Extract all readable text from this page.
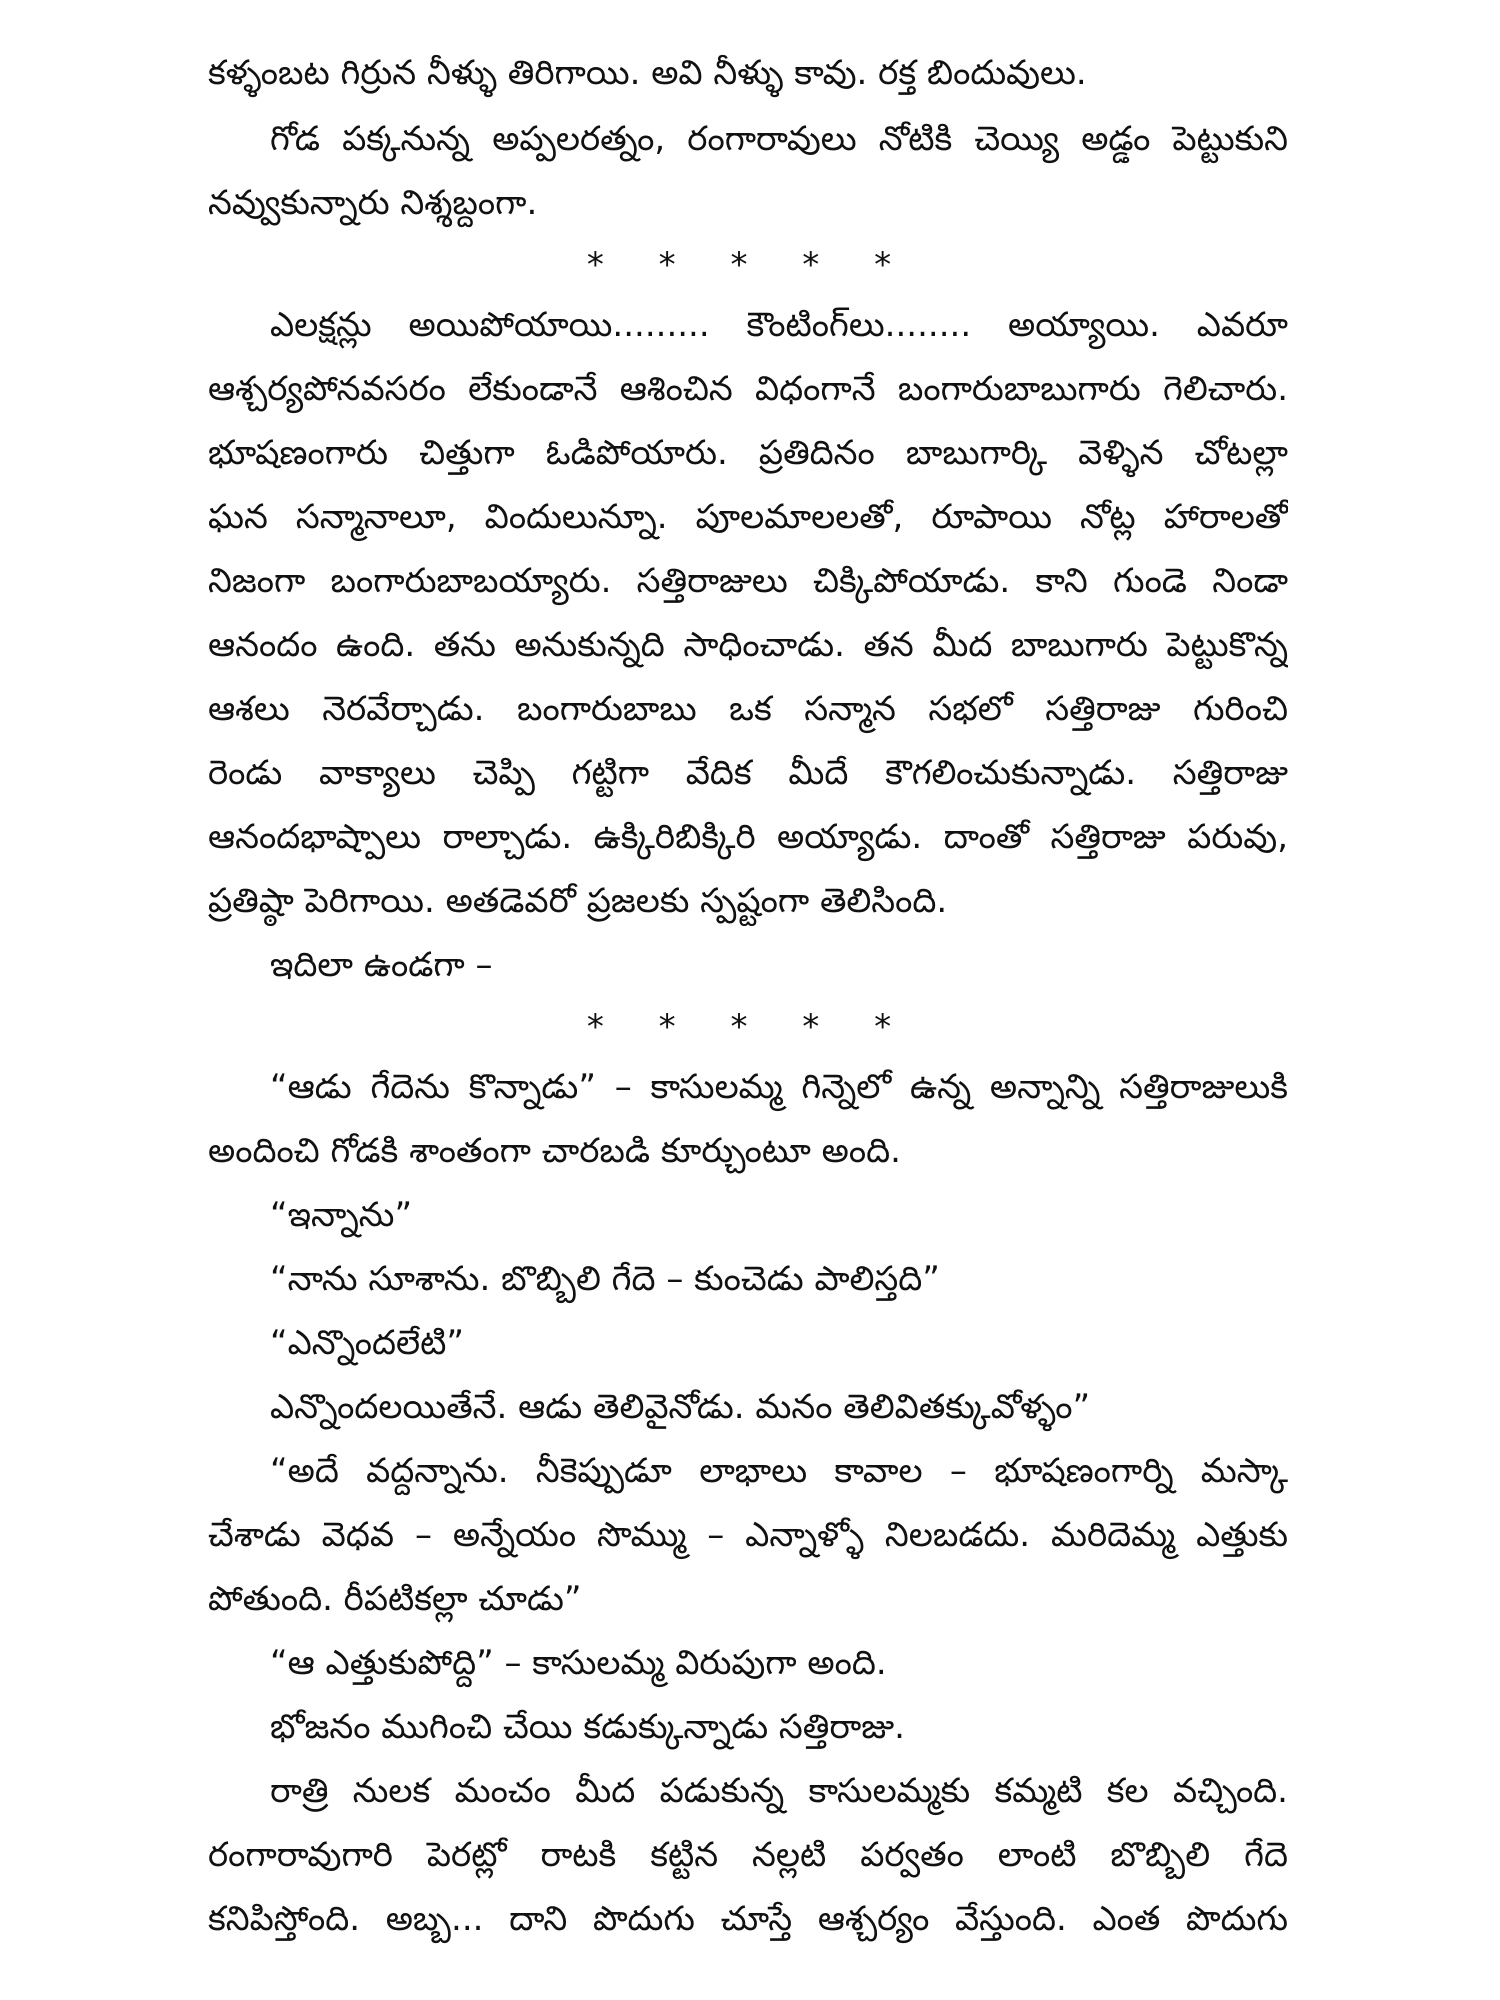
కళ్ళంబట గిర్రున నీళ్ళు తిరిగాయి. అవి నీళ్ళు కావు. రక్త బిందువులు.
గోడ పక్కనున్న అప్పలరత్నం, రంగారావులు నోటికి చెయ్యి అడ్డం పెట్టుకుని
నవ్వుకున్నారు నిశ్శబ్దంగా.
* * * * *
ఎలక్షన్లు అయిపోయాయి......... కౌంటింగ్‌లు........ అయ్యాయి. ఎవరూ
ఆశ్చర్యపోనవసరం లేకుండానే ఆశించిన విధంగానే బంగారుబాబుగారు గెలిచారు.
భూషణంగారు చిత్తుగా ఓడిపోయారు. ప్రతిదినం బాబుగార్కి వెళ్ళిన చోటల్లా
ఘన సన్మానాలూ, విందులున్నూ. పూలమాలలతో, రూపాయి నోట్ల హారాలతో
నిజంగా బంగారుబాబయ్యారు. సత్తిరాజులు చిక్కిపోయాడు. కాని గుండె నిండా
ఆనందం ఉంది. తను అనుకున్నది సాధించాడు. తన మీద బాబుగారు పెట్టుకొన్న
ఆశలు నెరవేర్చాడు. బంగారుబాబు ఒక సన్మాన సభలో సత్తిరాజు గురించి
రెండు వాక్యాలు చెప్పి గట్టిగా వేదిక మీదే కౌగలించుకున్నాడు. సత్తిరాజు
ఆనందభాష్పాలు రాల్చాడు. ఉక్కిరిబిక్కిరి అయ్యాడు. దాంతో సత్తిరాజు పరువు,
ప్రతిష్ఠా పెరిగాయి. అతడెవరో ప్రజలకు స్పష్టంగా తెలిసింది.
ఇదిలా ఉండగా –
* * * * *
“ఆడు గేదెను కొన్నాడు” – కాసులమ్మ గిన్నెలో ఉన్న అన్నాన్ని సత్తిరాజులుకి
అందించి గోడకి శాంతంగా చారబడి కూర్చుంటూ అంది.
“ఇన్నాను”
“నాను సూశాను. బొబ్బిలి గేదె – కుంచెడు పాలిస్తది”
“ఎన్నొందలేటి”
ఎన్నొందలయితేనే. ఆడు తెలివైనోడు. మనం తెలివితక్కువోళ్ళం”
“అదే వద్దన్నాను. నీకెప్పుడూ లాభాలు కావాల – భూషణంగార్ని మస్కా
చేశాడు వెధవ – అన్నేయం సొమ్ము – ఎన్నాళ్ళో నిలబడదు. మరిదెమ్మ ఎత్తుకు
పోతుంది. రీపటికల్లా చూడు”
“ఆ ఎత్తుకుపోద్ది” – కాసులమ్మ విరుపుగా అంది.
భోజనం ముగించి చేయి కడుక్కున్నాడు సత్తిరాజు.
రాత్రి నులక మంచం మీద పడుకున్న కాసులమ్మకు కమ్మటి కల వచ్చింది.
రంగారావుగారి పెరట్లో రాటకి కట్టిన నల్లటి పర్వతం లాంటి బొబ్బిలి గేదె
కనిపిస్తోంది. అబ్బ... దాని పొదుగు చూస్తే ఆశ్చర్యం వేస్తుంది. ఎంత పొదుగు
